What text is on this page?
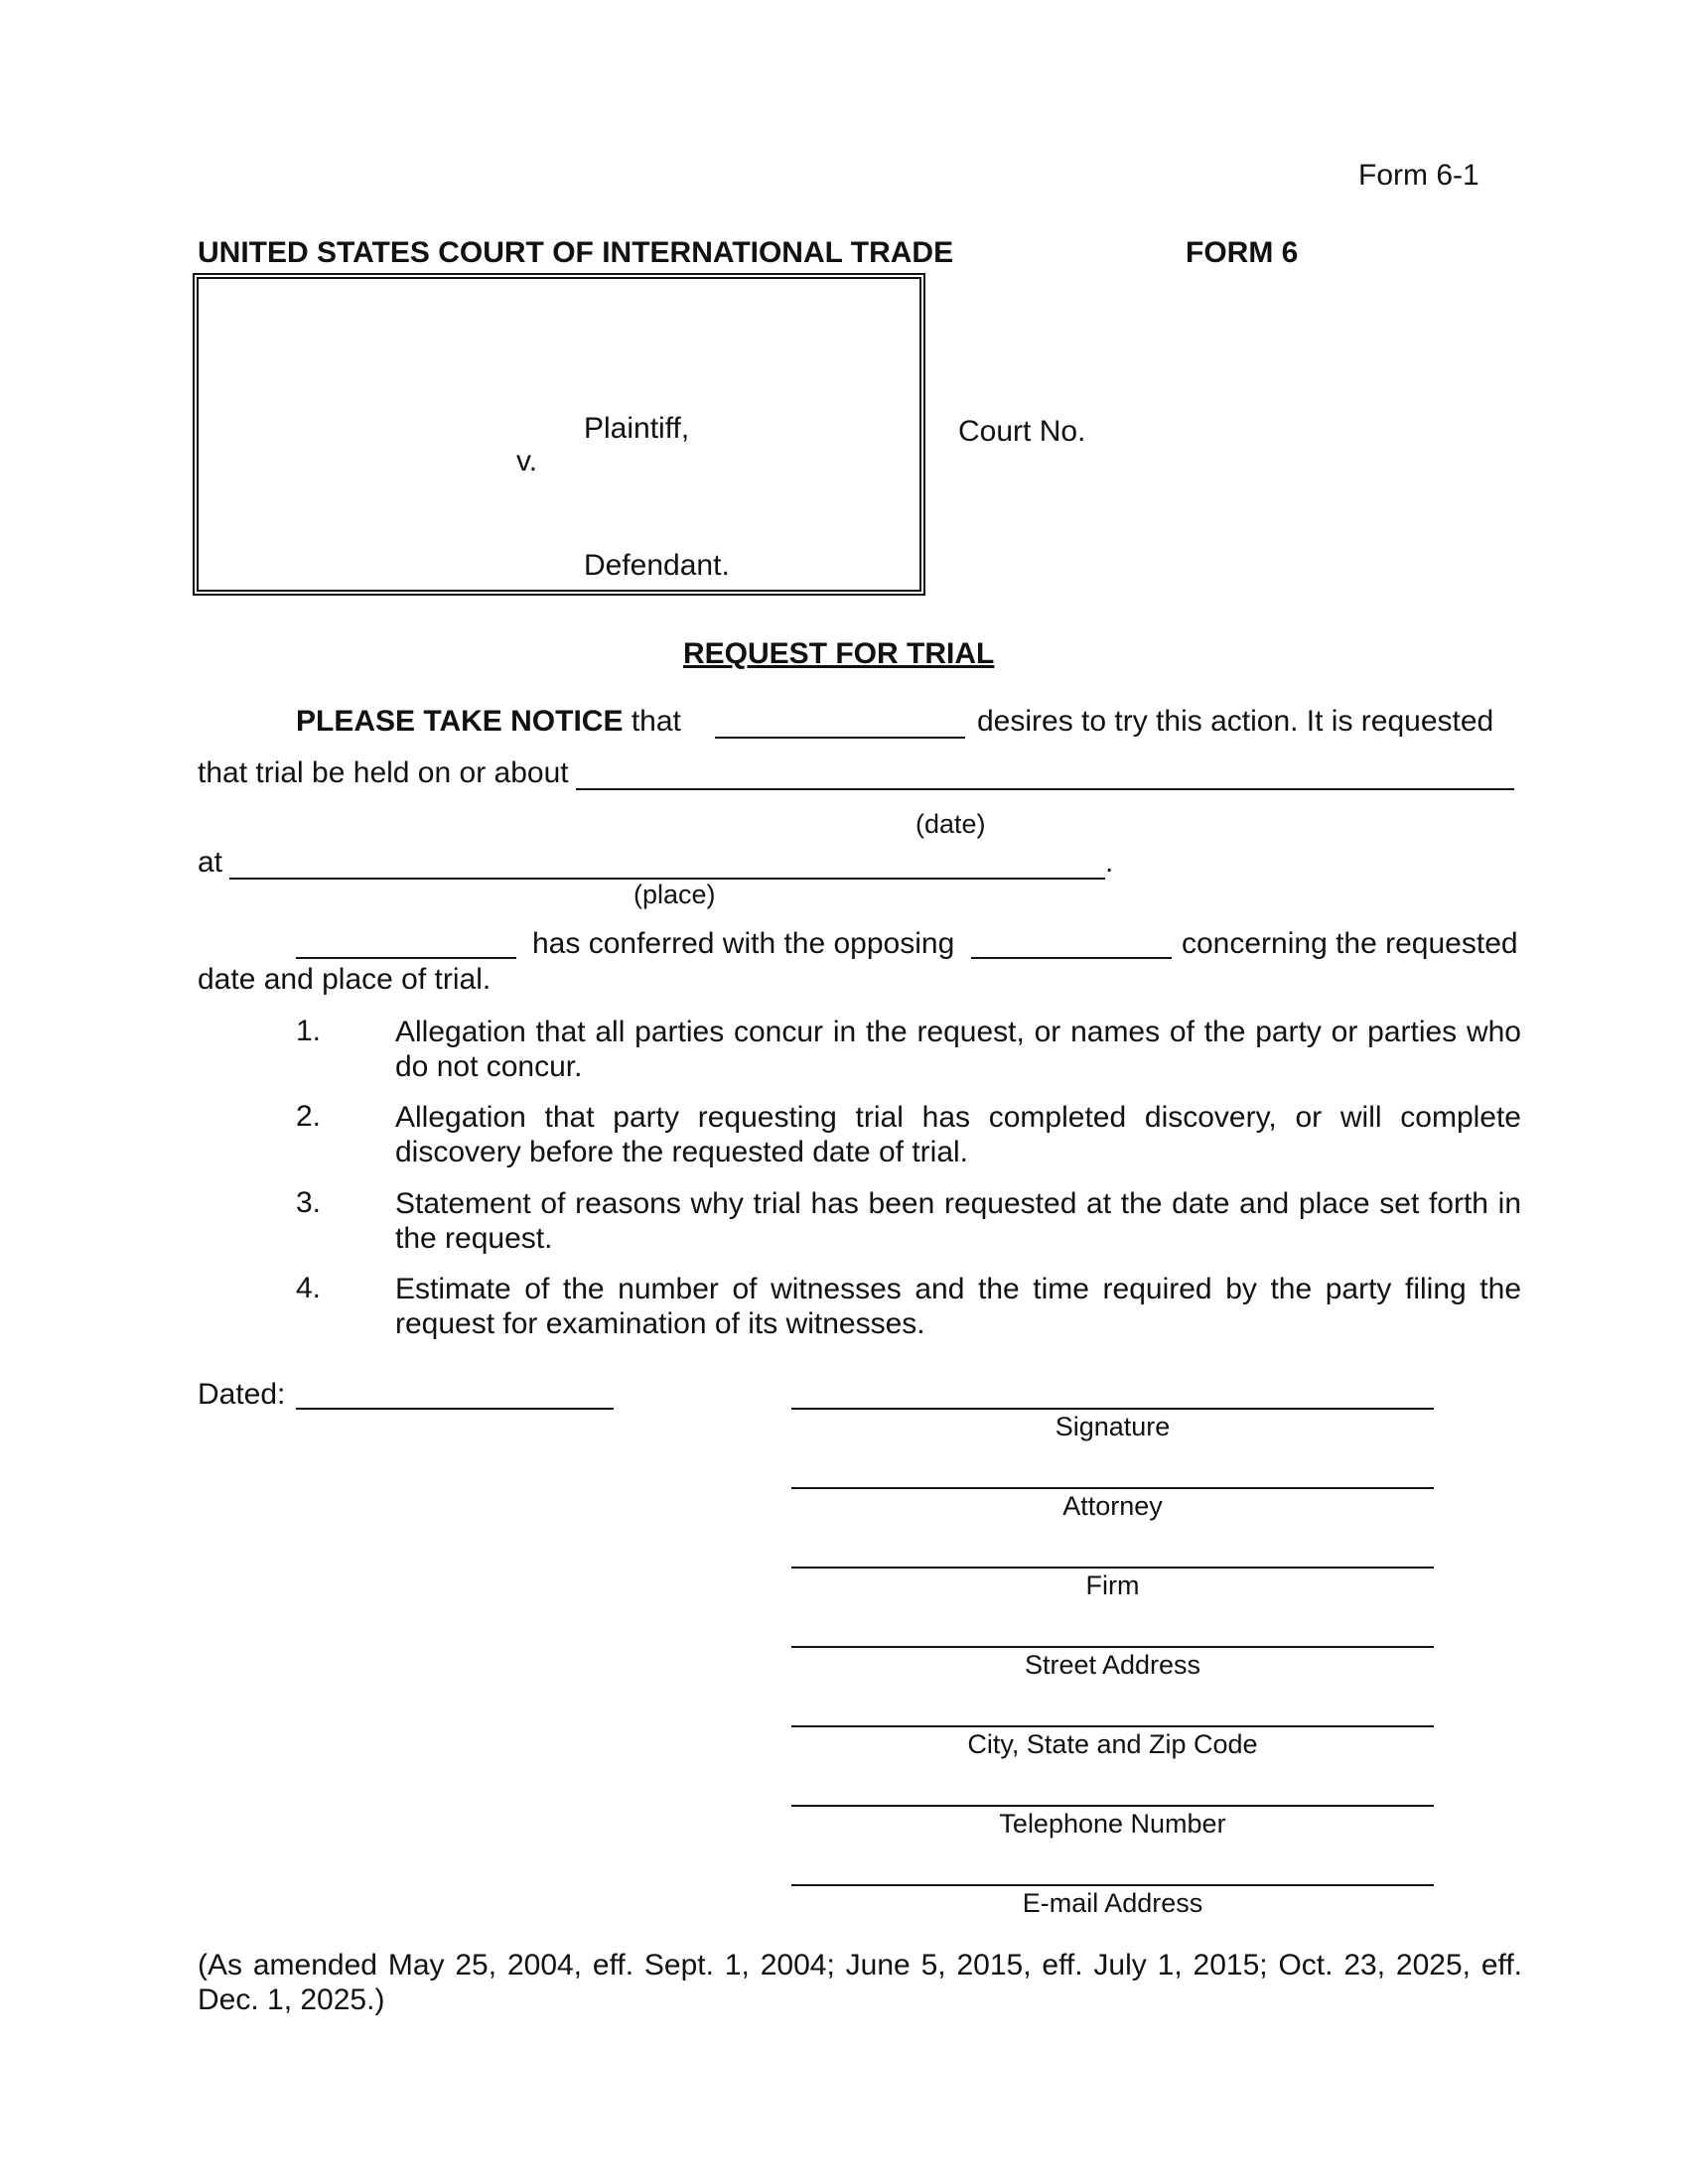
Form 6-1
UNITED STATES COURT OF INTERNATIONAL TRADE	FORM 6
Plaintiff,
v.
Defendant.
Court No.
REQUEST FOR TRIAL
PLEASE TAKE NOTICE that	desires to try this action. It is requested
that trial be held on or about
(date)
at	.
(place)
has conferred with the opposing	concerning the requested
date and place of trial.
1. Allegation that all parties concur in the request, or names of the party or parties who do not concur.
2. Allegation that party requesting trial has completed discovery, or will complete discovery before the requested date of trial.
3. Statement of reasons why trial has been requested at the date and place set forth in the request.
4. Estimate of the number of witnesses and the time required by the party filing the request for examination of its witnesses.
Dated:
Signature
Attorney
Firm
Street Address
City, State and Zip Code
Telephone Number
E-mail Address
(As amended May 25, 2004, eff. Sept. 1, 2004; June 5, 2015, eff. July 1, 2015; Oct. 23, 2025, eff. Dec. 1, 2025.)
